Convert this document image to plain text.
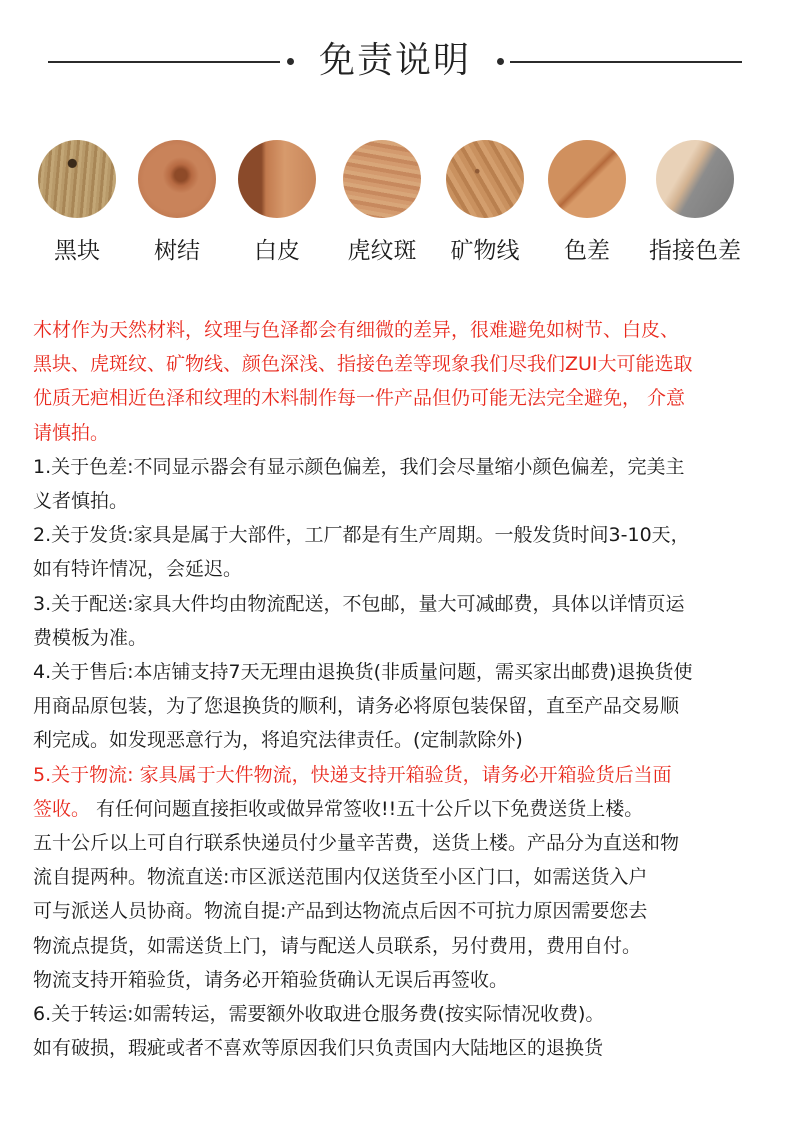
免责说明
黑块	树结	白皮	虎纹斑	矿物线	色差	指接色差

木材作为天然材料，纹理与色泽都会有细微的差异，很难避免如树节、白皮、

黑块、虎斑纹、矿物线、颜色深浅、指接色差等现象我们尽我们ZUI大可能选取

优质无疤相近色泽和纹理的木料制作每一件产品但仍可能无法完全避免， 介意

请慎拍。

1.关于色差:不同显示器会有显示颜色偏差，我们会尽量缩小颜色偏差，完美主

义者慎拍。

2.关于发货:家具是属于大部件，工厂都是有生产周期。一般发货时间3-10天，

如有特许情况，会延迟。

3.关于配送:家具大件均由物流配送，不包邮，量大可减邮费，具体以详情页运

费模板为准。

4.关于售后:本店铺支持7天无理由退换货(非质量问题，需买家出邮费)退换货使

用商品原包装，为了您退换货的顺利，请务必将原包装保留，直至产品交易顺

利完成。如发现恶意行为，将追究法律责任。(定制款除外)

5.关于物流: 家具属于大件物流，快递支持开箱验货，请务必开箱验货后当面

签收。 有任何问题直接拒收或做异常签收!!五十公斤以下免费送货上楼。

五十公斤以上可自行联系快递员付少量辛苦费，送货上楼。产品分为直送和物

流自提两种。物流直送:市区派送范围内仅送货至小区门口，如需送货入户

可与派送人员协商。物流自提:产品到达物流点后因不可抗力原因需要您去

物流点提货，如需送货上门，请与配送人员联系，另付费用，费用自付。

物流支持开箱验货，请务必开箱验货确认无误后再签收。

6.关于转运:如需转运，需要额外收取进仓服务费(按实际情况收费)。

如有破损，瑕疵或者不喜欢等原因我们只负责国内大陆地区的退换货
